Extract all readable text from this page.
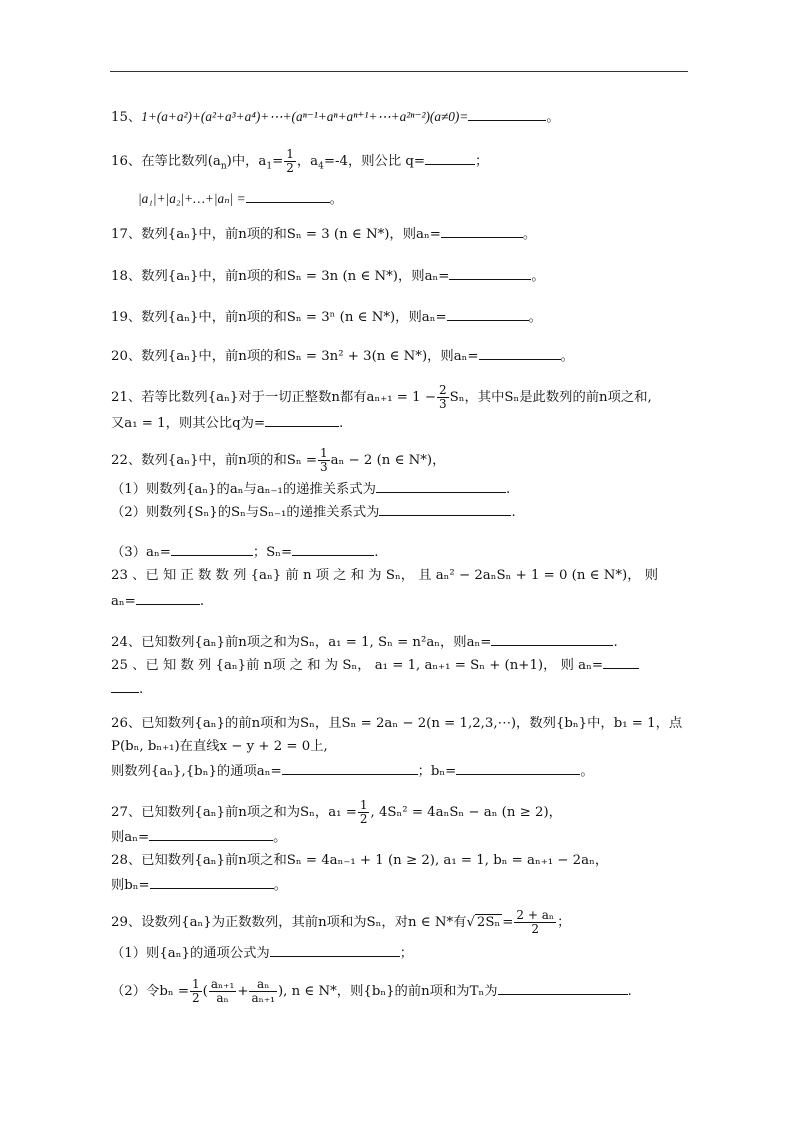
15、1+(a+a²)+(a²+a³+a⁴)+⋯+(aⁿ⁻¹+aⁿ+aⁿ⁺¹+⋯+a²ⁿ⁻²)(a≠0)=	。
16、在等比数列$(a_n)$中，$a_1= \frac{1}{2}$ ，$a_4=-4$，则公比 q=	；
|a₁|+|a₂|+…+|aₙ| =	。
17、数列{aₙ}中，前n项的和Sₙ = 3 (n ∈ N*)，则aₙ=	。
18、数列{aₙ}中，前n项的和Sₙ = 3n (n ∈ N*)，则aₙ=	。
19、数列{aₙ}中，前n项的和Sₙ = 3ⁿ (n ∈ N*)，则aₙ=	。
20、数列{aₙ}中，前n项的和Sₙ = 3n² + 3(n ∈ N*)，则aₙ=	。
21、若等比数列{aₙ}对于一切正整数n都有$a_{n+1} = 1 - \frac{2}{3}$ Sₙ，其中Sₙ是此数列的前n项之和,
又a₁ = 1，则其公比q为=	.
22、数列{aₙ}中，前n项的和$S_n = \frac{1}{3}$ aₙ − 2 (n ∈ N*)，
（1）则数列{aₙ}的aₙ与aₙ₋₁的递推关系式为	.
（2）则数列{Sₙ}的Sₙ与Sₙ₋₁的递推关系式为	.
（3）aₙ=	；Sₙ=	.
23 、已 知 正 数 数 列 {aₙ} 前 n 项 之 和 为 Sₙ， 且 aₙ² − 2aₙSₙ + 1 = 0 (n ∈ N*)， 则
aₙ=	.
24、已知数列{aₙ}前n项之和为Sₙ，a₁ = 1, Sₙ = n²aₙ，则aₙ=	.
25 、已 知 数 列 {aₙ}前 n项 之 和 为 Sₙ， a₁ = 1, aₙ₊₁ = Sₙ + (n+1)， 则 aₙ=
.
26、已知数列{aₙ}的前n项和为Sₙ，且Sₙ = 2aₙ − 2(n = 1,2,3,⋯)，数列{bₙ}中，b₁ = 1，点
P(bₙ, bₙ₊₁)在直线x − y + 2 = 0上,
则数列{aₙ},{bₙ}的通项aₙ=	；bₙ=	。
27、已知数列{aₙ}前n项之和为Sₙ，$a_1 = \frac{1}{2}$ , 4Sₙ² = 4aₙSₙ − aₙ (n ≥ 2)，
则aₙ=	。
28、已知数列{aₙ}前n项之和Sₙ = 4aₙ₋₁ + 1 (n ≥ 2), a₁ = 1, bₙ = aₙ₊₁ − 2aₙ，
则bₙ=	。
29、设数列{aₙ}为正数数列，其前n项和为Sₙ，对n ∈ N*有√ $2S_n = \frac{\text{2 + aₙ}}{2}$ ；
（1）则{aₙ}的通项公式为	；
（2）令$b_n = \frac{1}{2}$ ( $\frac{\text{aₙ₊₁}}{\text{aₙ}} + \frac{\text{aₙ}}{\text{aₙ₊₁}}$ ), n ∈ N*，则{bₙ}的前n项和为Tₙ为	.
